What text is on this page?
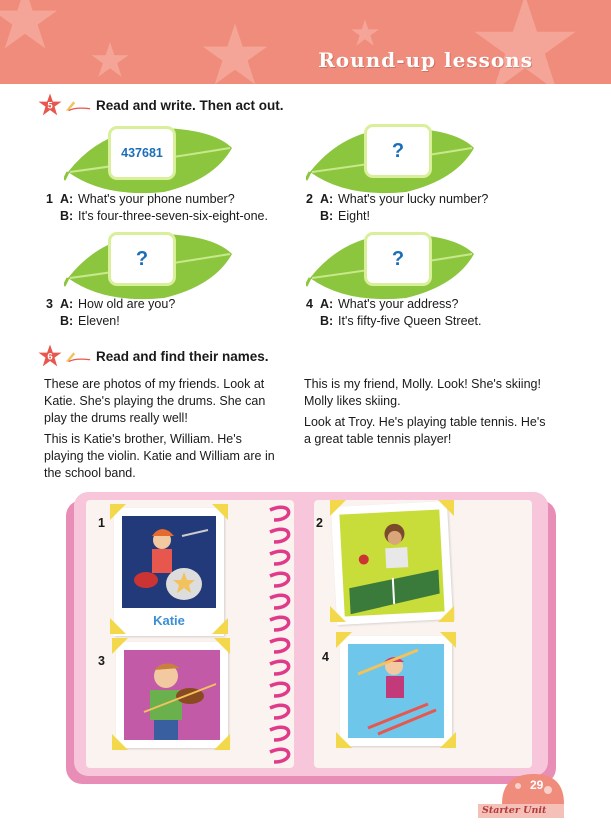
Round-up lessons
5	Read and write. Then act out.
437681	?
?	?
1 A: What's your phone number?
B: It's four-three-seven-six-eight-one.
2 A: What's your lucky number?
B: Eight!
3 A: How old are you?
B: Eleven!
4 A: What's your address?
B: It's fifty-five Queen Street.
6	Read and find their names.

These are photos of my friends. Look at Katie. She's playing the drums. She can play the drums really well!

This is Katie's brother, William. He's playing the violin. Katie and William are in the school band.

This is my friend, Molly. Look! She's skiing! Molly likes skiing.

Look at Troy. He's playing table tennis. He's a great table tennis player!

1
Katie
2
3	4
29
Starter Unit
